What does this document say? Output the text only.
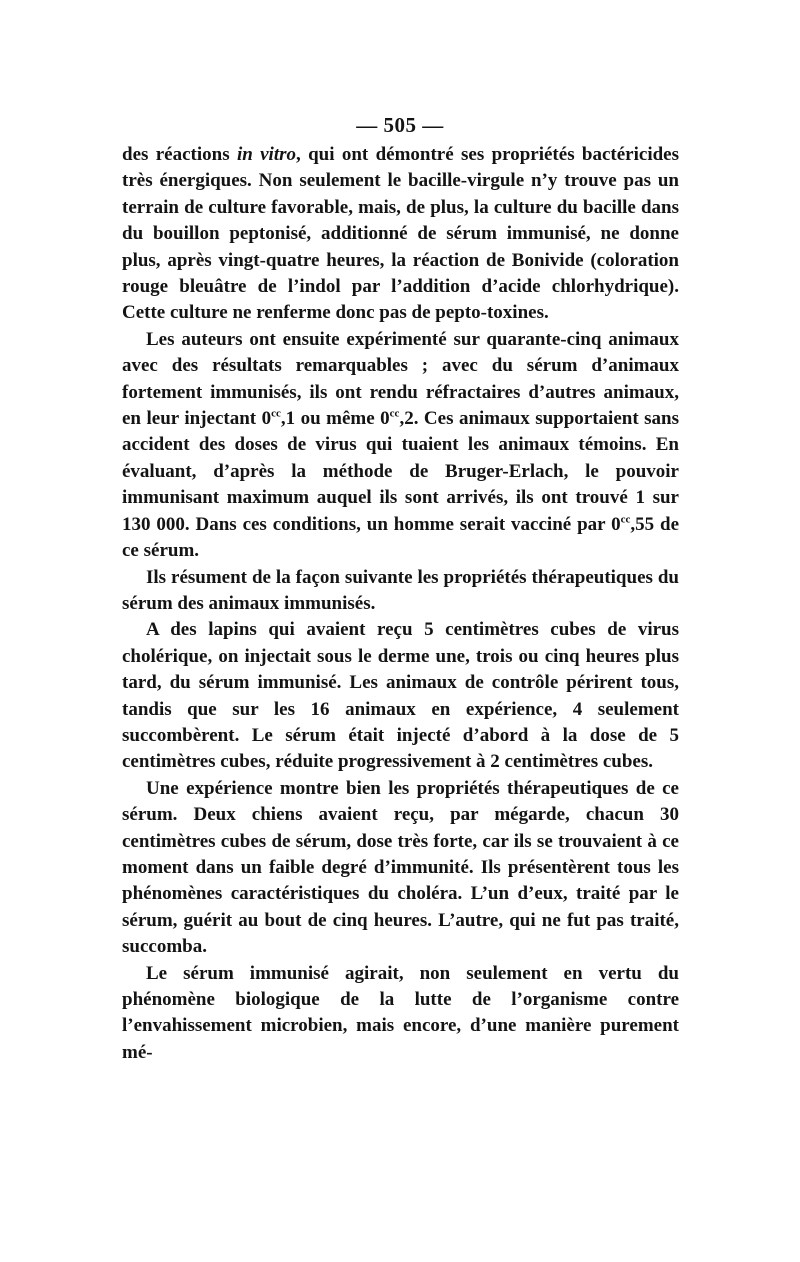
— 505 —

des réactions in vitro, qui ont démontré ses propriétés bactéricides très énergiques. Non seulement le bacille-virgule n’y trouve pas un terrain de culture favorable, mais, de plus, la culture du bacille dans du bouillon peptonisé, additionné de sérum immunisé, ne donne plus, après vingt-quatre heures, la réaction de Bonivide (coloration rouge bleuâtre de l’indol par l’addition d’acide chlorhydrique). Cette culture ne renferme donc pas de pepto-toxines.

Les auteurs ont ensuite expérimenté sur quarante-cinq animaux avec des résultats remarquables ; avec du sérum d’animaux fortement immunisés, ils ont rendu réfractaires d’autres animaux, en leur injectant $0^{cc},1$ ou même $0^{cc},2$. Ces animaux supportaient sans accident des doses de virus qui tuaient les animaux témoins. En évaluant, d’après la méthode de Bruger-Erlach, le pouvoir immunisant maximum auquel ils sont arrivés, ils ont trouvé 1 sur 130 000. Dans ces conditions, un homme serait vacciné par $0^{cc},55$ de ce sérum.

Ils résument de la façon suivante les propriétés thérapeutiques du sérum des animaux immunisés.

A des lapins qui avaient reçu 5 centimètres cubes de virus cholérique, on injectait sous le derme une, trois ou cinq heures plus tard, du sérum immunisé. Les animaux de contrôle périrent tous, tandis que sur les 16 animaux en expérience, 4 seulement succombèrent. Le sérum était injecté d’abord à la dose de 5 centimètres cubes, réduite progressivement à 2 centimètres cubes.

Une expérience montre bien les propriétés thérapeutiques de ce sérum. Deux chiens avaient reçu, par mégarde, chacun 30 centimètres cubes de sérum, dose très forte, car ils se trouvaient à ce moment dans un faible degré d’immunité. Ils présentèrent tous les phénomènes caractéristiques du choléra. L’un d’eux, traité par le sérum, guérit au bout de cinq heures. L’autre, qui ne fut pas traité, succomba.

Le sérum immunisé agirait, non seulement en vertu du phénomène biologique de la lutte de l’organisme contre l’envahissement microbien, mais encore, d’une manière purement mé-
